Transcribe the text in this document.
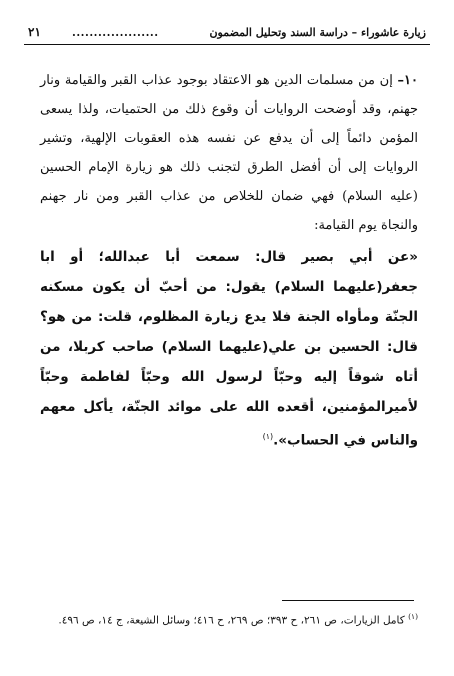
زيارة عاشوراء – دراسة السند وتحليل المضمون
....................
٢١

١٠– إن من مسلمات الدين هو الاعتقاد بوجود عذاب القبر والقيامة ونار جهنم، وقد أوضحت الروايات أن وقوع ذلك من الحتميات، ولذا يسعى المؤمن دائماً إلى أن يدفع عن نفسه هذه العقوبات الإلهية، وتشير الروايات إلى أن أفضل الطرق لتجنب ذلك هو زيارة الإمام الحسين (عليه السلام) فهي ضمان للخلاص من عذاب القبر ومن نار جهنم والنجاة يوم القيامة:

«عن أبي بصير قال: سمعت أبا عبدالله؛ أو ابا جعفر(عليهما السلام) يقول: من أحبّ أن يكون مسكنه الجنّة ومأواه الجنة فلا يدع زيارة المظلوم، قلت: من هو؟ قال: الحسين بن علي(عليهما السلام) صاحب كربلا، من أتاه شوقاً إليه وحبّاً لرسول الله وحبّاً لفاطمة وحبّاً لأميرالمؤمنين، أقعده الله على موائد الجنّة، يأكل معهم والناس في الحساب».$^{(١)}$

$^{(١)}$ كامل الزيارات، ص ٢٦١، ح ٣٩٣؛ ص ٢٦٩، ح ٤١٦؛ وسائل الشيعة، ج ١٤، ص ٤٩٦.
